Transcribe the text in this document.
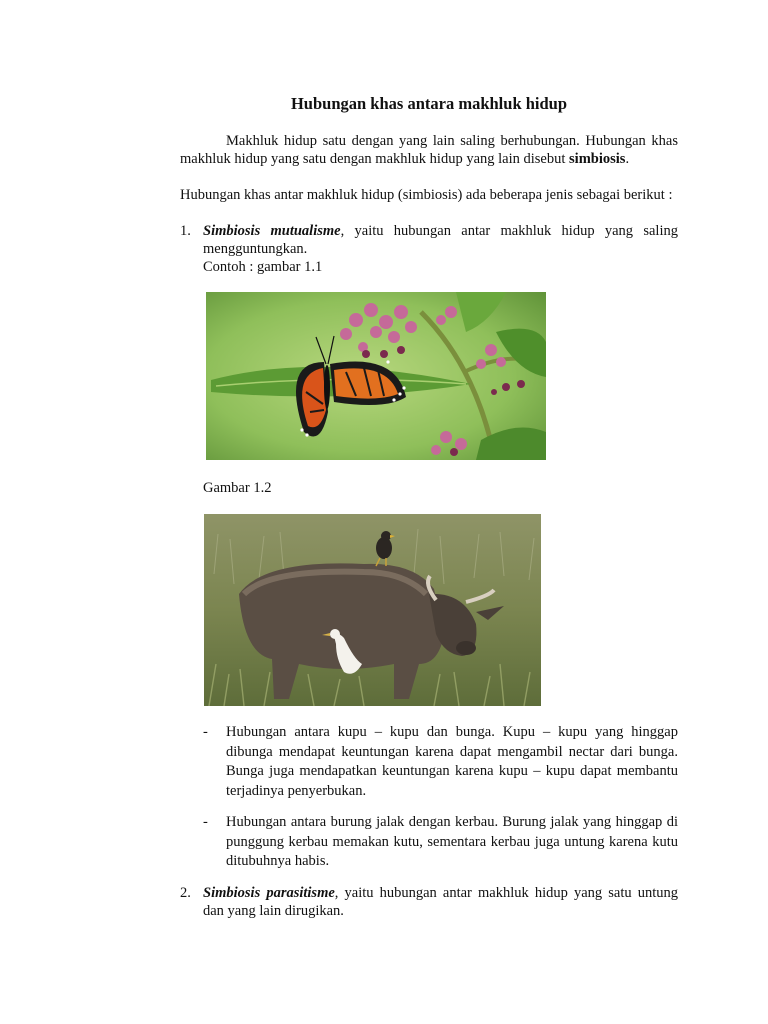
Hubungan khas antara makhluk hidup
Makhluk hidup satu dengan yang lain saling berhubungan. Hubungan khas makhluk hidup yang satu dengan makhluk hidup yang lain disebut simbiosis.
Hubungan khas antar makhluk hidup (simbiosis) ada beberapa jenis sebagai berikut :
1. Simbiosis mutualisme, yaitu hubungan antar makhluk hidup yang saling mengguntungkan.
Contoh : gambar 1.1
Gambar 1.2
- Hubungan antara kupu – kupu dan bunga. Kupu – kupu yang hinggap dibunga mendapat keuntungan karena dapat mengambil nectar dari bunga. Bunga juga mendapatkan keuntungan karena kupu – kupu dapat membantu terjadinya penyerbukan.
- Hubungan antara burung jalak dengan kerbau. Burung jalak yang hinggap di punggung kerbau memakan kutu, sementara kerbau juga untung karena kutu ditubuhnya habis.
2. Simbiosis parasitisme, yaitu hubungan antar makhluk hidup yang satu untung dan yang lain dirugikan.
